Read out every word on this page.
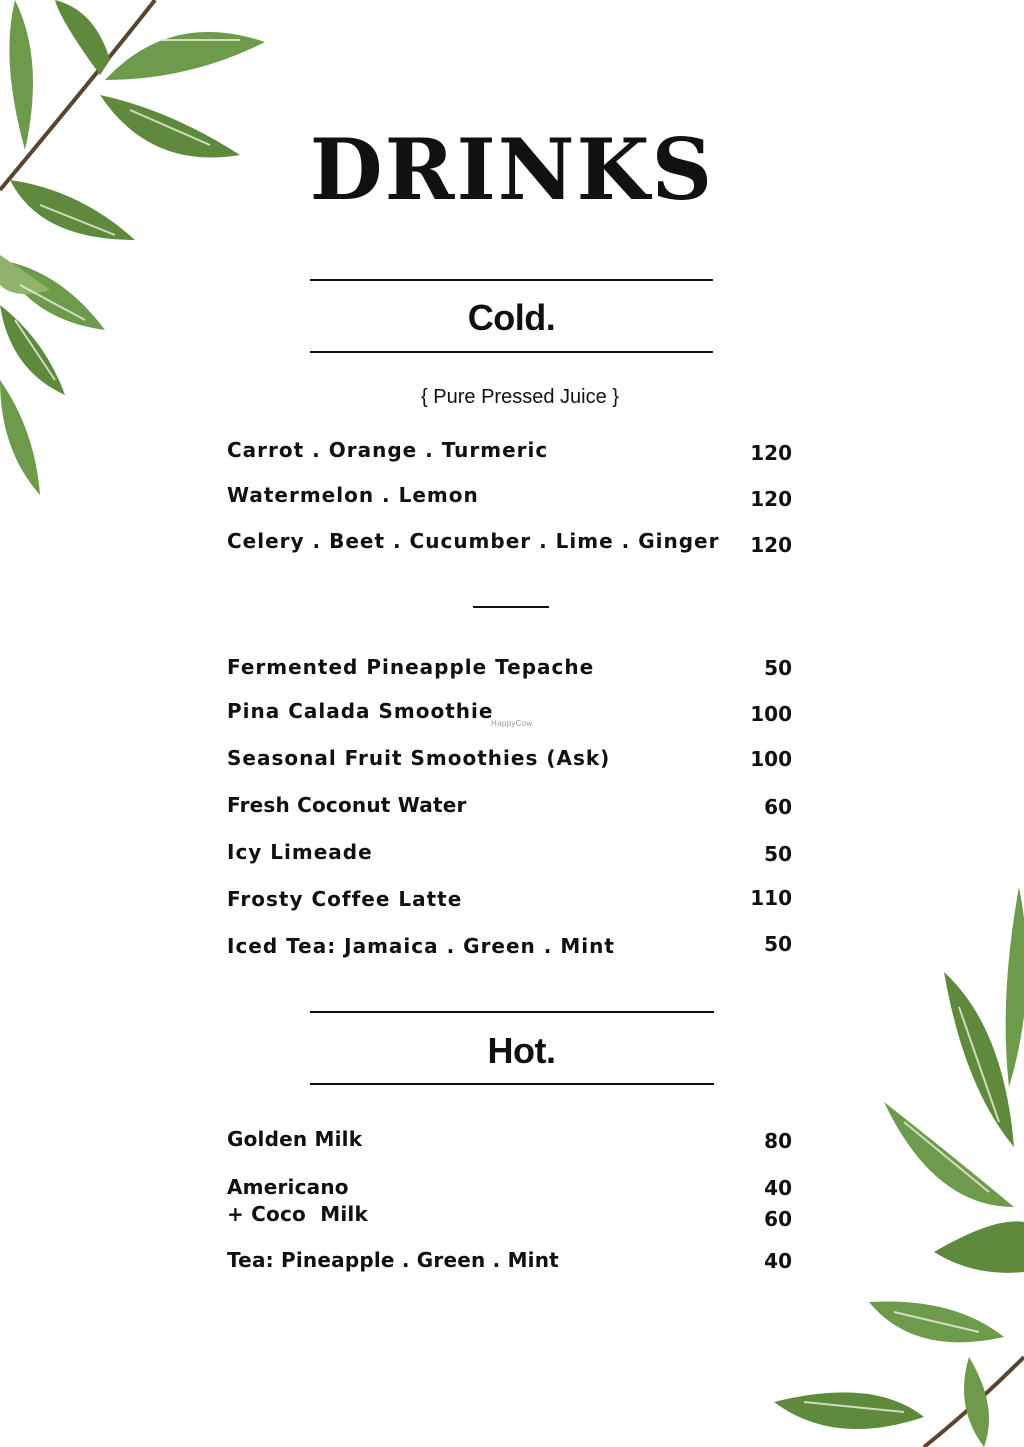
DRINKS
Cold.
{ Pure Pressed Juice }
Carrot . Orange . Turmeric	120
Watermelon . Lemon	120
Celery . Beet . Cucumber . Lime . Ginger 120
Fermented Pineapple Tepache	50
Pina Calada Smoothie	100
HappyCow
Seasonal Fruit Smoothies (Ask)	100
Fresh Coconut Water	60
Icy Limeade	50
Frosty Coffee Latte	110
Iced Tea: Jamaica . Green . Mint	50
Hot.
Golden Milk	80
Americano	40
+ Coco  Milk	60
Tea: Pineapple . Green . Mint	40
